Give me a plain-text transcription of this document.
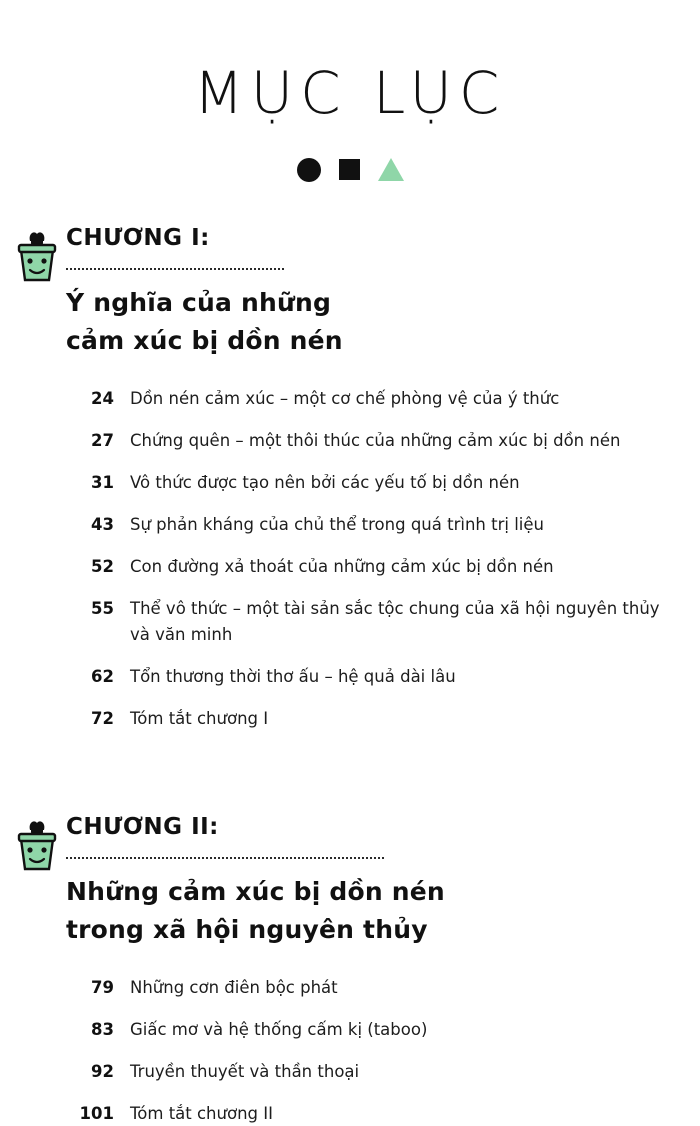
MỤC LỤC
CHƯƠNG I:
Ý nghĩa của những
cảm xúc bị dồn nén
24 Dồn nén cảm xúc – một cơ chế phòng vệ của ý thức
27 Chứng quên – một thôi thúc của những cảm xúc bị dồn nén
31 Vô thức được tạo nên bởi các yếu tố bị dồn nén
43 Sự phản kháng của chủ thể trong quá trình trị liệu
52 Con đường xả thoát của những cảm xúc bị dồn nén
55 Thể vô thức – một tài sản sắc tộc chung của xã hội nguyên thủy và văn minh
62 Tổn thương thời thơ ấu – hệ quả dài lâu
72 Tóm tắt chương I
CHƯƠNG II:
Những cảm xúc bị dồn nén
trong xã hội nguyên thủy
79 Những cơn điên bộc phát
83 Giấc mơ và hệ thống cấm kị (taboo)
92 Truyền thuyết và thần thoại
101 Tóm tắt chương II
